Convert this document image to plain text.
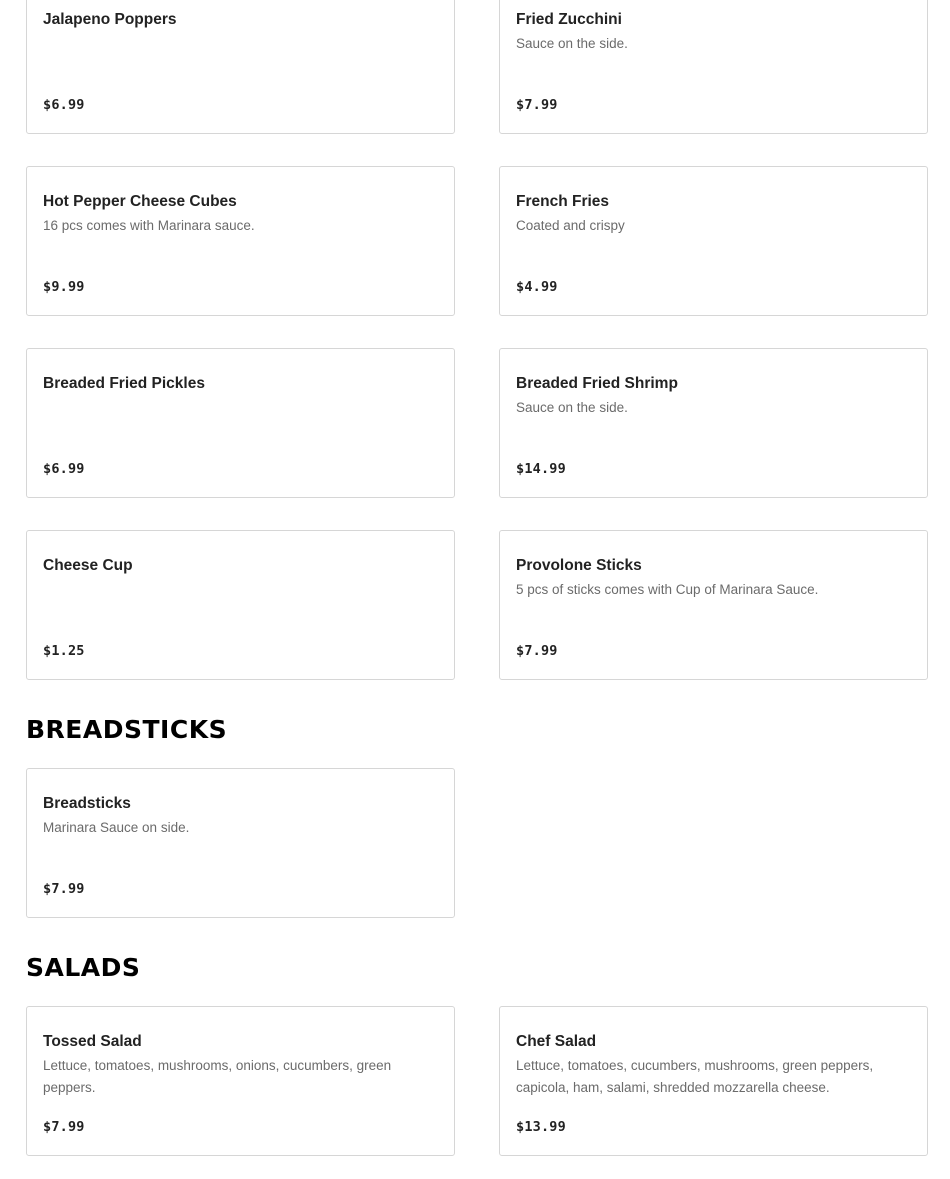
Jalapeno Poppers
$6.99
Fried Zucchini
Sauce on the side.
$7.99
Hot Pepper Cheese Cubes
16 pcs comes with Marinara sauce.
$9.99
French Fries
Coated and crispy
$4.99
Breaded Fried Pickles
$6.99
Breaded Fried Shrimp
Sauce on the side.
$14.99
Cheese Cup
$1.25
Provolone Sticks
5 pcs of sticks comes with Cup of Marinara Sauce.
$7.99
BREADSTICKS
Breadsticks
Marinara Sauce on side.
$7.99
SALADS
Tossed Salad
Lettuce, tomatoes, mushrooms, onions, cucumbers, green peppers.
$7.99
Chef Salad
Lettuce, tomatoes, cucumbers, mushrooms, green peppers, capicola, ham, salami, shredded mozzarella cheese.
$13.99
